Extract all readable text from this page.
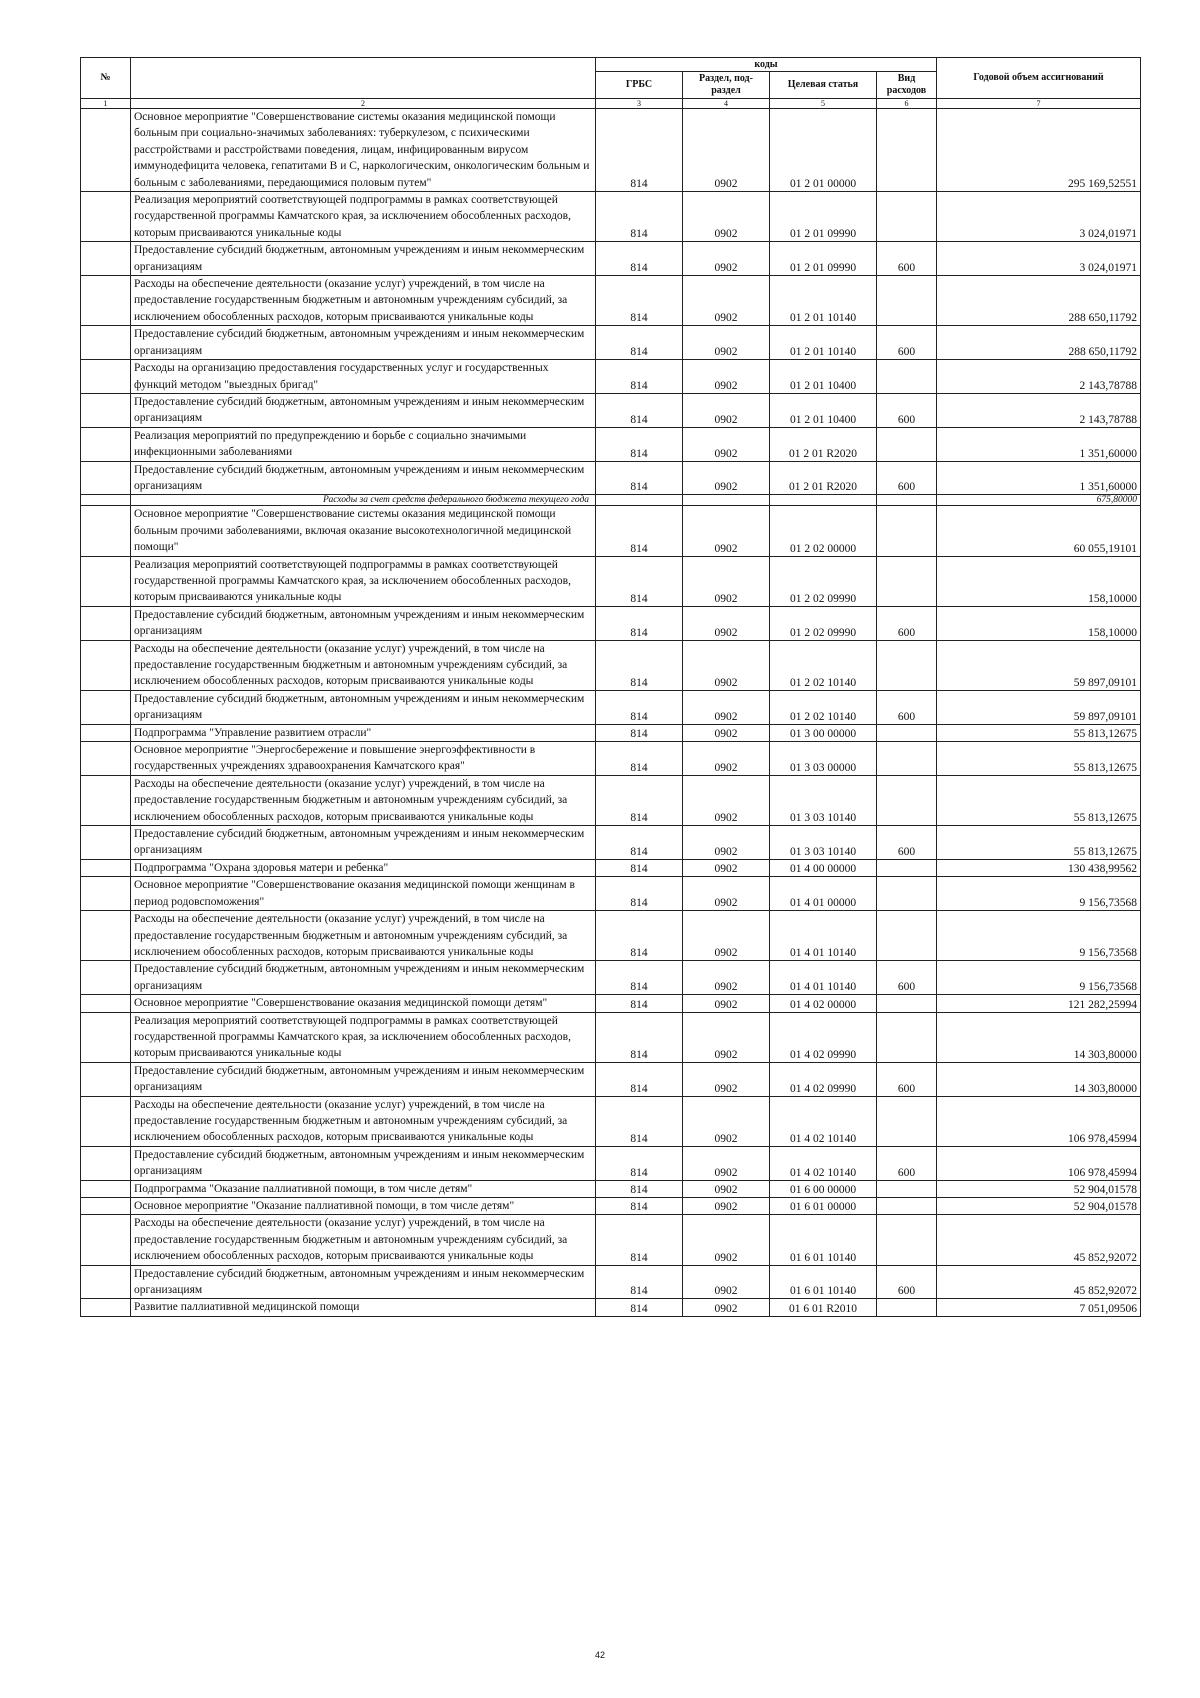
№		коды				Годовой объем ассигнований
		ГРБС	Раздел, под-раздел	Целевая статья	Вид расходов	
1	2	3	4	5	6	7
	Основное мероприятие "Совершенствование системы оказания медицинской помощи больным при социально-значимых заболеваниях: туберкулезом, с психическими расстройствами и расстройствами поведения, лицам, инфицированным вирусом иммунодефицита человека, гепатитами В и С, наркологическим, онкологическим больным и больным с заболеваниями, передающимися половым путем"	814	0902	01 2 01 00000		295 169,52551
	Реализация мероприятий соответствующей подпрограммы в рамках соответствующей государственной программы Камчатского края, за исключением обособленных расходов, которым присваиваются уникальные коды	814	0902	01 2 01 09990		3 024,01971
	Предоставление субсидий бюджетным, автономным учреждениям и иным некоммерческим организациям	814	0902	01 2 01 09990	600	3 024,01971
	Расходы на обеспечение деятельности (оказание услуг) учреждений, в том числе на предоставление государственным бюджетным и автономным учреждениям субсидий, за исключением обособленных расходов, которым присваиваются уникальные коды	814	0902	01 2 01 10140		288 650,11792
	Предоставление субсидий бюджетным, автономным учреждениям и иным некоммерческим организациям	814	0902	01 2 01 10140	600	288 650,11792
	Расходы на организацию предоставления государственных услуг и государственных функций методом "выездных бригад"	814	0902	01 2 01 10400		2 143,78788
	Предоставление субсидий бюджетным, автономным учреждениям и иным некоммерческим организациям	814	0902	01 2 01 10400	600	2 143,78788
	Реализация мероприятий по предупреждению и борьбе с социально значимыми инфекционными заболеваниями	814	0902	01 2 01 R2020		1 351,60000
	Предоставление субсидий бюджетным, автономным учреждениям и иным некоммерческим организациям	814	0902	01 2 01 R2020	600	1 351,60000
	Расходы за счет средств федерального бюджета текущего года					675,80000
	Основное мероприятие "Совершенствование системы оказания медицинской помощи больным прочими заболеваниями, включая оказание высокотехнологичной медицинской помощи"	814	0902	01 2 02 00000		60 055,19101
	Реализация мероприятий соответствующей подпрограммы в рамках соответствующей государственной программы Камчатского края, за исключением обособленных расходов, которым присваиваются уникальные коды	814	0902	01 2 02 09990		158,10000
	Предоставление субсидий бюджетным, автономным учреждениям и иным некоммерческим организациям	814	0902	01 2 02 09990	600	158,10000
	Расходы на обеспечение деятельности (оказание услуг) учреждений, в том числе на предоставление государственным бюджетным и автономным учреждениям субсидий, за исключением обособленных расходов, которым присваиваются уникальные коды	814	0902	01 2 02 10140		59 897,09101
	Предоставление субсидий бюджетным, автономным учреждениям и иным некоммерческим организациям	814	0902	01 2 02 10140	600	59 897,09101
	Подпрограмма "Управление развитием отрасли"	814	0902	01 3 00 00000		55 813,12675
	Основное мероприятие "Энергосбережение и повышение энергоэффективности в государственных учреждениях здравоохранения Камчатского края"	814	0902	01 3 03 00000		55 813,12675
	Расходы на обеспечение деятельности (оказание услуг) учреждений, в том числе на предоставление государственным бюджетным и автономным учреждениям субсидий, за исключением обособленных расходов, которым присваиваются уникальные коды	814	0902	01 3 03 10140		55 813,12675
	Предоставление субсидий бюджетным, автономным учреждениям и иным некоммерческим организациям	814	0902	01 3 03 10140	600	55 813,12675
	Подпрограмма "Охрана здоровья матери и ребенка"	814	0902	01 4 00 00000		130 438,99562
	Основное мероприятие "Совершенствование оказания медицинской помощи женщинам в период родовспоможения"	814	0902	01 4 01 00000		9 156,73568
	Расходы на обеспечение деятельности (оказание услуг) учреждений, в том числе на предоставление государственным бюджетным и автономным учреждениям субсидий, за исключением обособленных расходов, которым присваиваются уникальные коды	814	0902	01 4 01 10140		9 156,73568
	Предоставление субсидий бюджетным, автономным учреждениям и иным некоммерческим организациям	814	0902	01 4 01 10140	600	9 156,73568
	Основное мероприятие "Совершенствование оказания медицинской помощи детям"	814	0902	01 4 02 00000		121 282,25994
	Реализация мероприятий соответствующей подпрограммы в рамках соответствующей государственной программы Камчатского края, за исключением обособленных расходов, которым присваиваются уникальные коды	814	0902	01 4 02 09990		14 303,80000
	Предоставление субсидий бюджетным, автономным учреждениям и иным некоммерческим организациям	814	0902	01 4 02 09990	600	14 303,80000
	Расходы на обеспечение деятельности (оказание услуг) учреждений, в том числе на предоставление государственным бюджетным и автономным учреждениям субсидий, за исключением обособленных расходов, которым присваиваются уникальные коды	814	0902	01 4 02 10140		106 978,45994
	Предоставление субсидий бюджетным, автономным учреждениям и иным некоммерческим организациям	814	0902	01 4 02 10140	600	106 978,45994
	Подпрограмма "Оказание паллиативной помощи, в том числе детям"	814	0902	01 6 00 00000		52 904,01578
	Основное мероприятие "Оказание паллиативной помощи, в том числе детям"	814	0902	01 6 01 00000		52 904,01578
	Расходы на обеспечение деятельности (оказание услуг) учреждений, в том числе на предоставление государственным бюджетным и автономным учреждениям субсидий, за исключением обособленных расходов, которым присваиваются уникальные коды	814	0902	01 6 01 10140		45 852,92072
	Предоставление субсидий бюджетным, автономным учреждениям и иным некоммерческим организациям	814	0902	01 6 01 10140	600	45 852,92072
	Развитие паллиативной медицинской помощи	814	0902	01 6 01 R2010		7 051,09506
42
